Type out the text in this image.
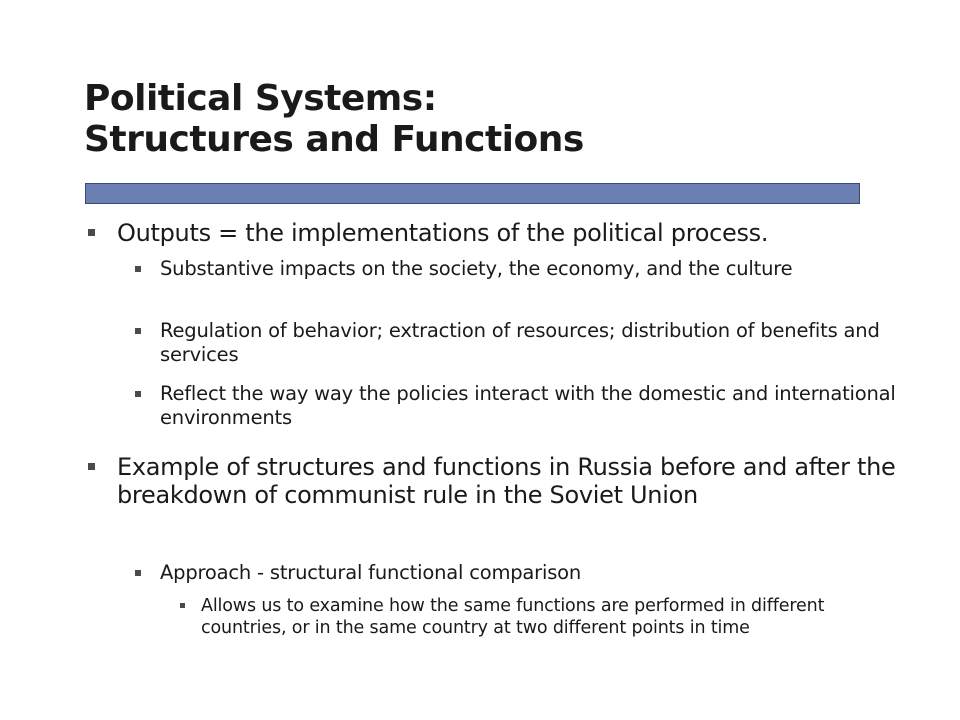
Political Systems:
Structures and Functions
Outputs = the implementations of the political process.
Substantive impacts on the society, the economy, and the culture
Regulation of behavior; extraction of resources; distribution of benefits and services
Reflect the way way the policies interact with the domestic and international environments
Example of structures and functions in Russia before and after the breakdown of communist rule in the Soviet Union
Approach - structural functional comparison
Allows us to examine how the same functions are performed in different countries, or in the same country at two different points in time
